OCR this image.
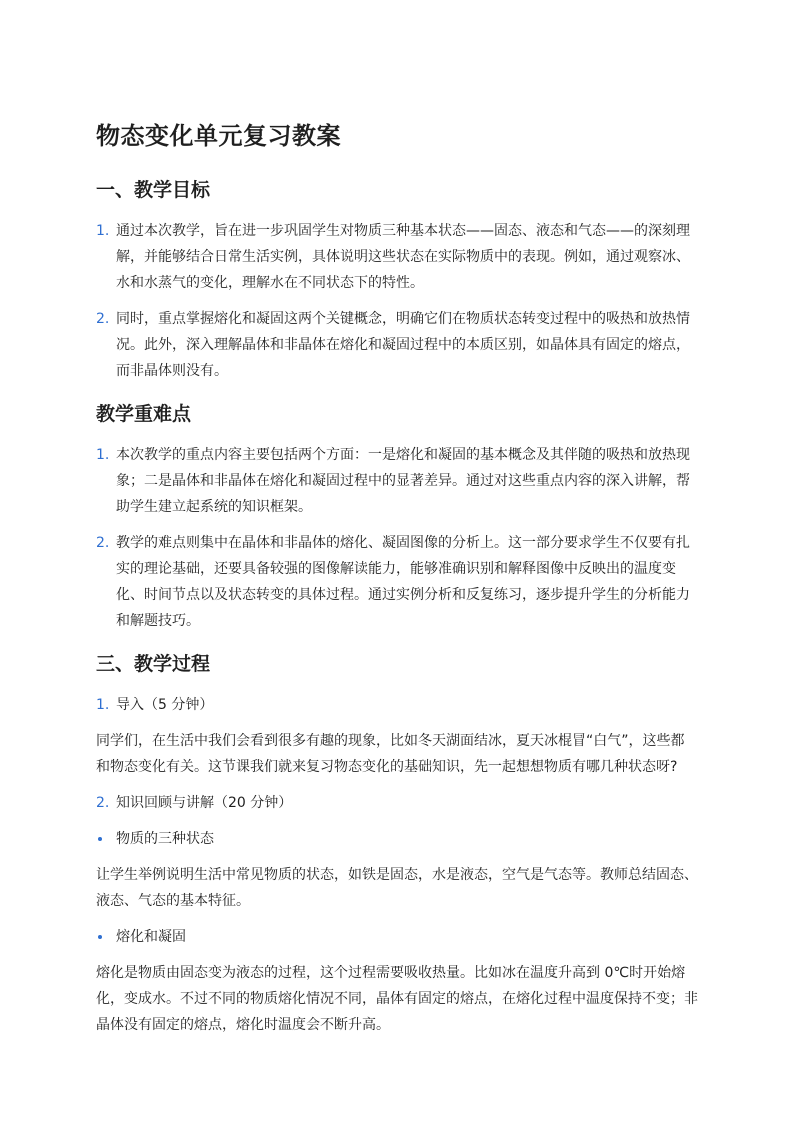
物态变化单元复习教案
一、教学目标
1. 通过本次教学，旨在进一步巩固学生对物质三种基本状态——固态、液态和气态——的深刻理解，并能够结合日常生活实例，具体说明这些状态在实际物质中的表现。例如，通过观察冰、水和水蒸气的变化，理解水在不同状态下的特性。
2. 同时，重点掌握熔化和凝固这两个关键概念，明确它们在物质状态转变过程中的吸热和放热情况。此外，深入理解晶体和非晶体在熔化和凝固过程中的本质区别，如晶体具有固定的熔点，而非晶体则没有。
教学重难点
1. 本次教学的重点内容主要包括两个方面：一是熔化和凝固的基本概念及其伴随的吸热和放热现象；二是晶体和非晶体在熔化和凝固过程中的显著差异。通过对这些重点内容的深入讲解，帮助学生建立起系统的知识框架。
2. 教学的难点则集中在晶体和非晶体的熔化、凝固图像的分析上。这一部分要求学生不仅要有扎实的理论基础，还要具备较强的图像解读能力，能够准确识别和解释图像中反映出的温度变化、时间节点以及状态转变的具体过程。通过实例分析和反复练习，逐步提升学生的分析能力和解题技巧。
三、教学过程
1. 导入（5 分钟）

同学们，在生活中我们会看到很多有趣的现象，比如冬天湖面结冰，夏天冰棍冒“白气”，这些都和物态变化有关。这节课我们就来复习物态变化的基础知识，先一起想想物质有哪几种状态呀?

2. 知识回顾与讲解（20 分钟）
物质的三种状态

让学生举例说明生活中常见物质的状态，如铁是固态，水是液态，空气是气态等。教师总结固态、液态、气态的基本特征。

熔化和凝固

熔化是物质由固态变为液态的过程，这个过程需要吸收热量。比如冰在温度升高到 0℃时开始熔化，变成水。不过不同的物质熔化情况不同，晶体有固定的熔点，在熔化过程中温度保持不变；非晶体没有固定的熔点，熔化时温度会不断升高。
